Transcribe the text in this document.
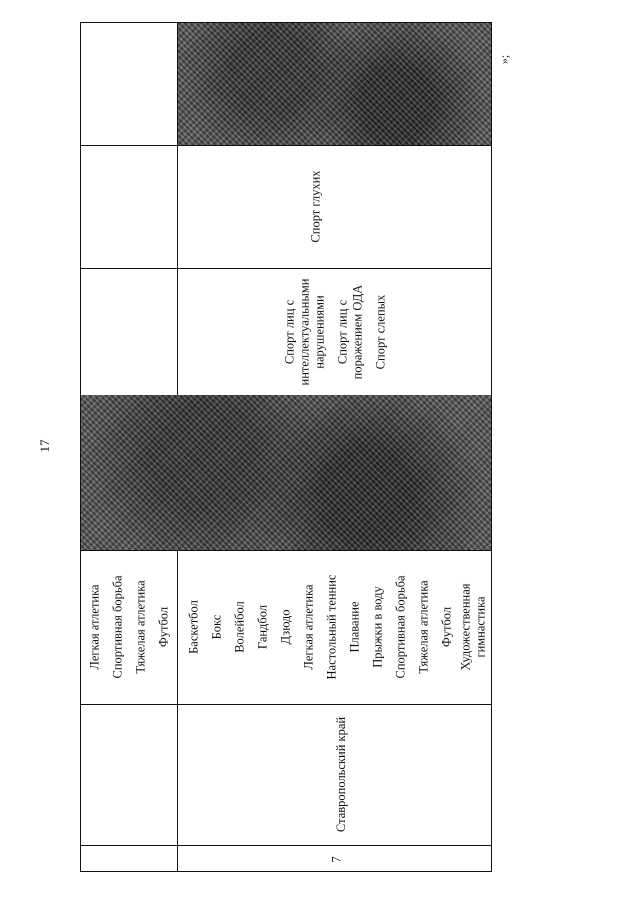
17
»;
7
Ставропольский край
Легкая атлетика Спортивная борьба Тяжелая атлетика Футбол	Баскетбол Бокс Волейбол Гандбол Дзюдо Легкая атлетика Настольный теннис Плавание Прыжки в воду Спортивная борьба Тяжелая атлетика Футбол Художественная гимнастика
Спорт лиц с интеллектуальными нарушениями Спорт лиц с поражением ОДА Спорт слепых
Спорт глухих
